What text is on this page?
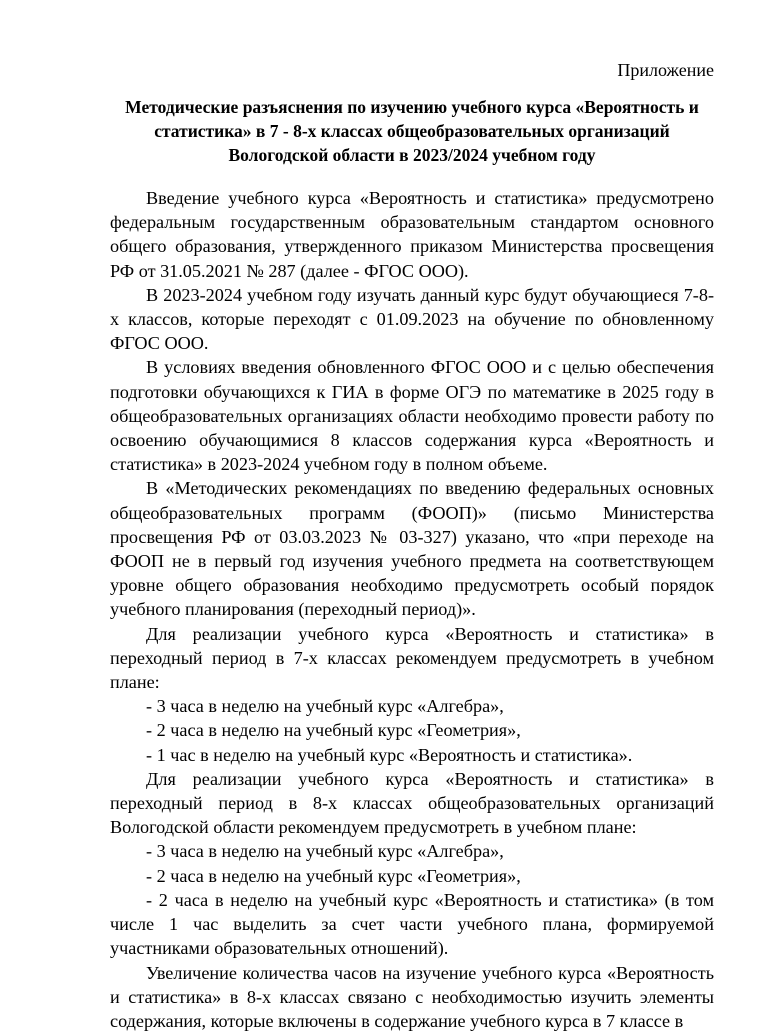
Приложение
Методические разъяснения по изучению учебного курса «Вероятность и
статистика» в 7 - 8-х классах общеобразовательных организаций
Вологодской области в 2023/2024 учебном году

Введение учебного курса «Вероятность и статистика» предусмотрено федеральным государственным образовательным стандартом основного общего образования, утвержденного приказом Министерства просвещения РФ от 31.05.2021 № 287 (далее - ФГОС ООО).

В 2023-2024 учебном году изучать данный курс будут обучающиеся 7-8-х классов, которые переходят с 01.09.2023 на обучение по обновленному ФГОС ООО.

В условиях введения обновленного ФГОС ООО и с целью обеспечения подготовки обучающихся к ГИА в форме ОГЭ по математике в 2025 году в общеобразовательных организациях области необходимо провести работу по освоению обучающимися 8 классов содержания курса «Вероятность и статистика» в 2023-2024 учебном году в полном объеме.

В «Методических рекомендациях по введению федеральных основных общеобразовательных программ (ФООП)» (письмо Министерства просвещения РФ от 03.03.2023 № 03-327) указано, что «при переходе на ФООП не в первый год изучения учебного предмета на соответствующем уровне общего образования необходимо предусмотреть особый порядок учебного планирования (переходный период)».

Для реализации учебного курса «Вероятность и статистика» в переходный период в 7-х классах рекомендуем предусмотреть в учебном плане:

- 3 часа в неделю на учебный курс «Алгебра»,

- 2 часа в неделю на учебный курс «Геометрия»,

- 1 час в неделю на учебный курс «Вероятность и статистика».

Для реализации учебного курса «Вероятность и статистика» в переходный период в 8-х классах общеобразовательных организаций Вологодской области рекомендуем предусмотреть в учебном плане:

- 3 часа в неделю на учебный курс «Алгебра»,

- 2 часа в неделю на учебный курс «Геометрия»,

- 2 часа в неделю на учебный курс «Вероятность и статистика» (в том числе 1 час выделить за счет части учебного плана, формируемой участниками образовательных отношений).

Увеличение количества часов на изучение учебного курса «Вероятность и статистика» в 8-х классах связано с необходимостью изучить элементы содержания, которые включены в содержание учебного курса в 7 классе в
